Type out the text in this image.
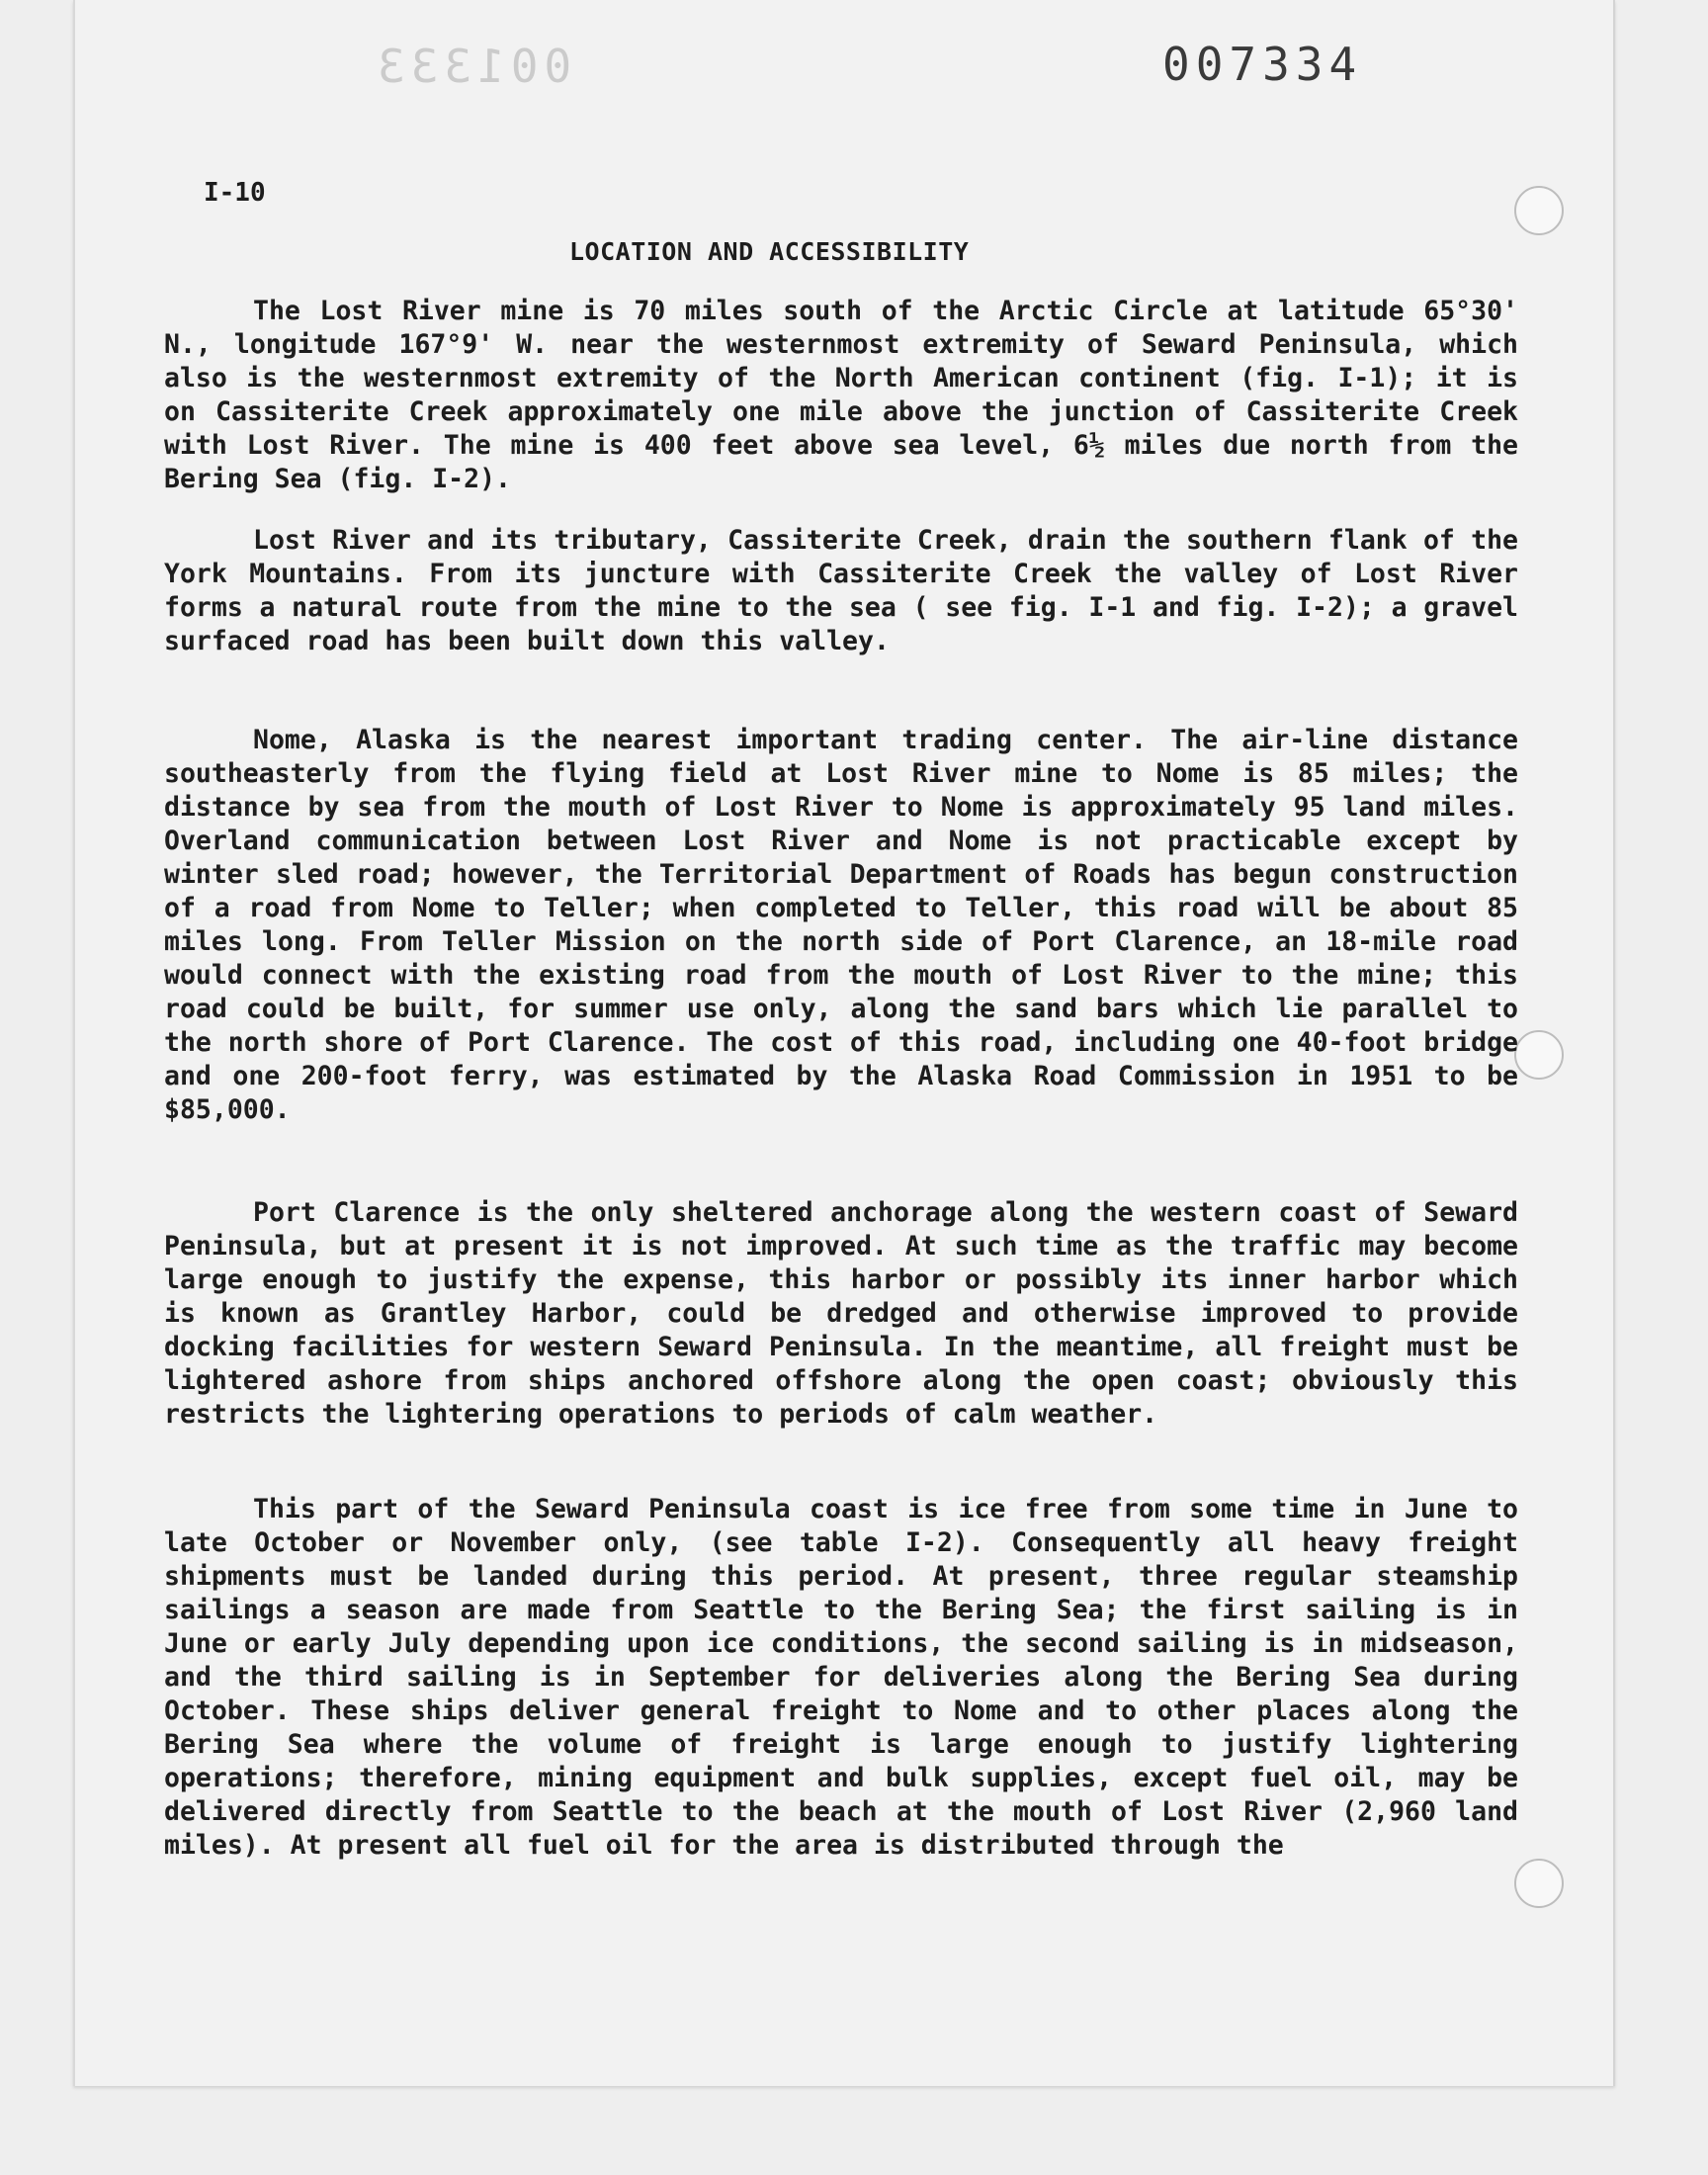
001333	007334
I-10
LOCATION AND ACCESSIBILITY

The Lost River mine is 70 miles south of the Arctic Circle at latitude 65°30' N., longitude 167°9' W. near the westernmost extremity of Seward Peninsula, which also is the westernmost extremity of the North American continent (fig. I-1); it is on Cassiterite Creek approximately one mile above the junction of Cassiterite Creek with Lost River. The mine is 400 feet above sea level, 6½ miles due north from the Bering Sea (fig. I-2).

Lost River and its tributary, Cassiterite Creek, drain the southern flank of the York Mountains. From its juncture with Cassiterite Creek the valley of Lost River forms a natural route from the mine to the sea ( see fig. I-1 and fig. I-2); a gravel surfaced road has been built down this valley.

Nome, Alaska is the nearest important trading center. The air-line distance southeasterly from the flying field at Lost River mine to Nome is 85 miles; the distance by sea from the mouth of Lost River to Nome is approximately 95 land miles. Overland communication between Lost River and Nome is not practicable except by winter sled road; however, the Territorial Department of Roads has begun construction of a road from Nome to Teller; when completed to Teller, this road will be about 85 miles long. From Teller Mission on the north side of Port Clarence, an 18-mile road would connect with the existing road from the mouth of Lost River to the mine; this road could be built, for summer use only, along the sand bars which lie parallel to the north shore of Port Clarence. The cost of this road, including one 40-foot bridge and one 200-foot ferry, was estimated by the Alaska Road Commission in 1951 to be $85,000.

Port Clarence is the only sheltered anchorage along the western coast of Seward Peninsula, but at present it is not improved. At such time as the traffic may become large enough to justify the expense, this harbor or possibly its inner harbor which is known as Grantley Harbor, could be dredged and otherwise improved to provide docking facilities for western Seward Peninsula. In the meantime, all freight must be lightered ashore from ships anchored offshore along the open coast; obviously this restricts the lightering operations to periods of calm weather.

This part of the Seward Peninsula coast is ice free from some time in June to late October or November only, (see table I-2). Consequently all heavy freight shipments must be landed during this period. At present, three regular steamship sailings a season are made from Seattle to the Bering Sea; the first sailing is in June or early July depending upon ice conditions, the second sailing is in midseason, and the third sailing is in September for deliveries along the Bering Sea during October. These ships deliver general freight to Nome and to other places along the Bering Sea where the volume of freight is large enough to justify lightering operations; therefore, mining equipment and bulk supplies, except fuel oil, may be delivered directly from Seattle to the beach at the mouth of Lost River (2,960 land miles). At present all fuel oil for the area is distributed through the
